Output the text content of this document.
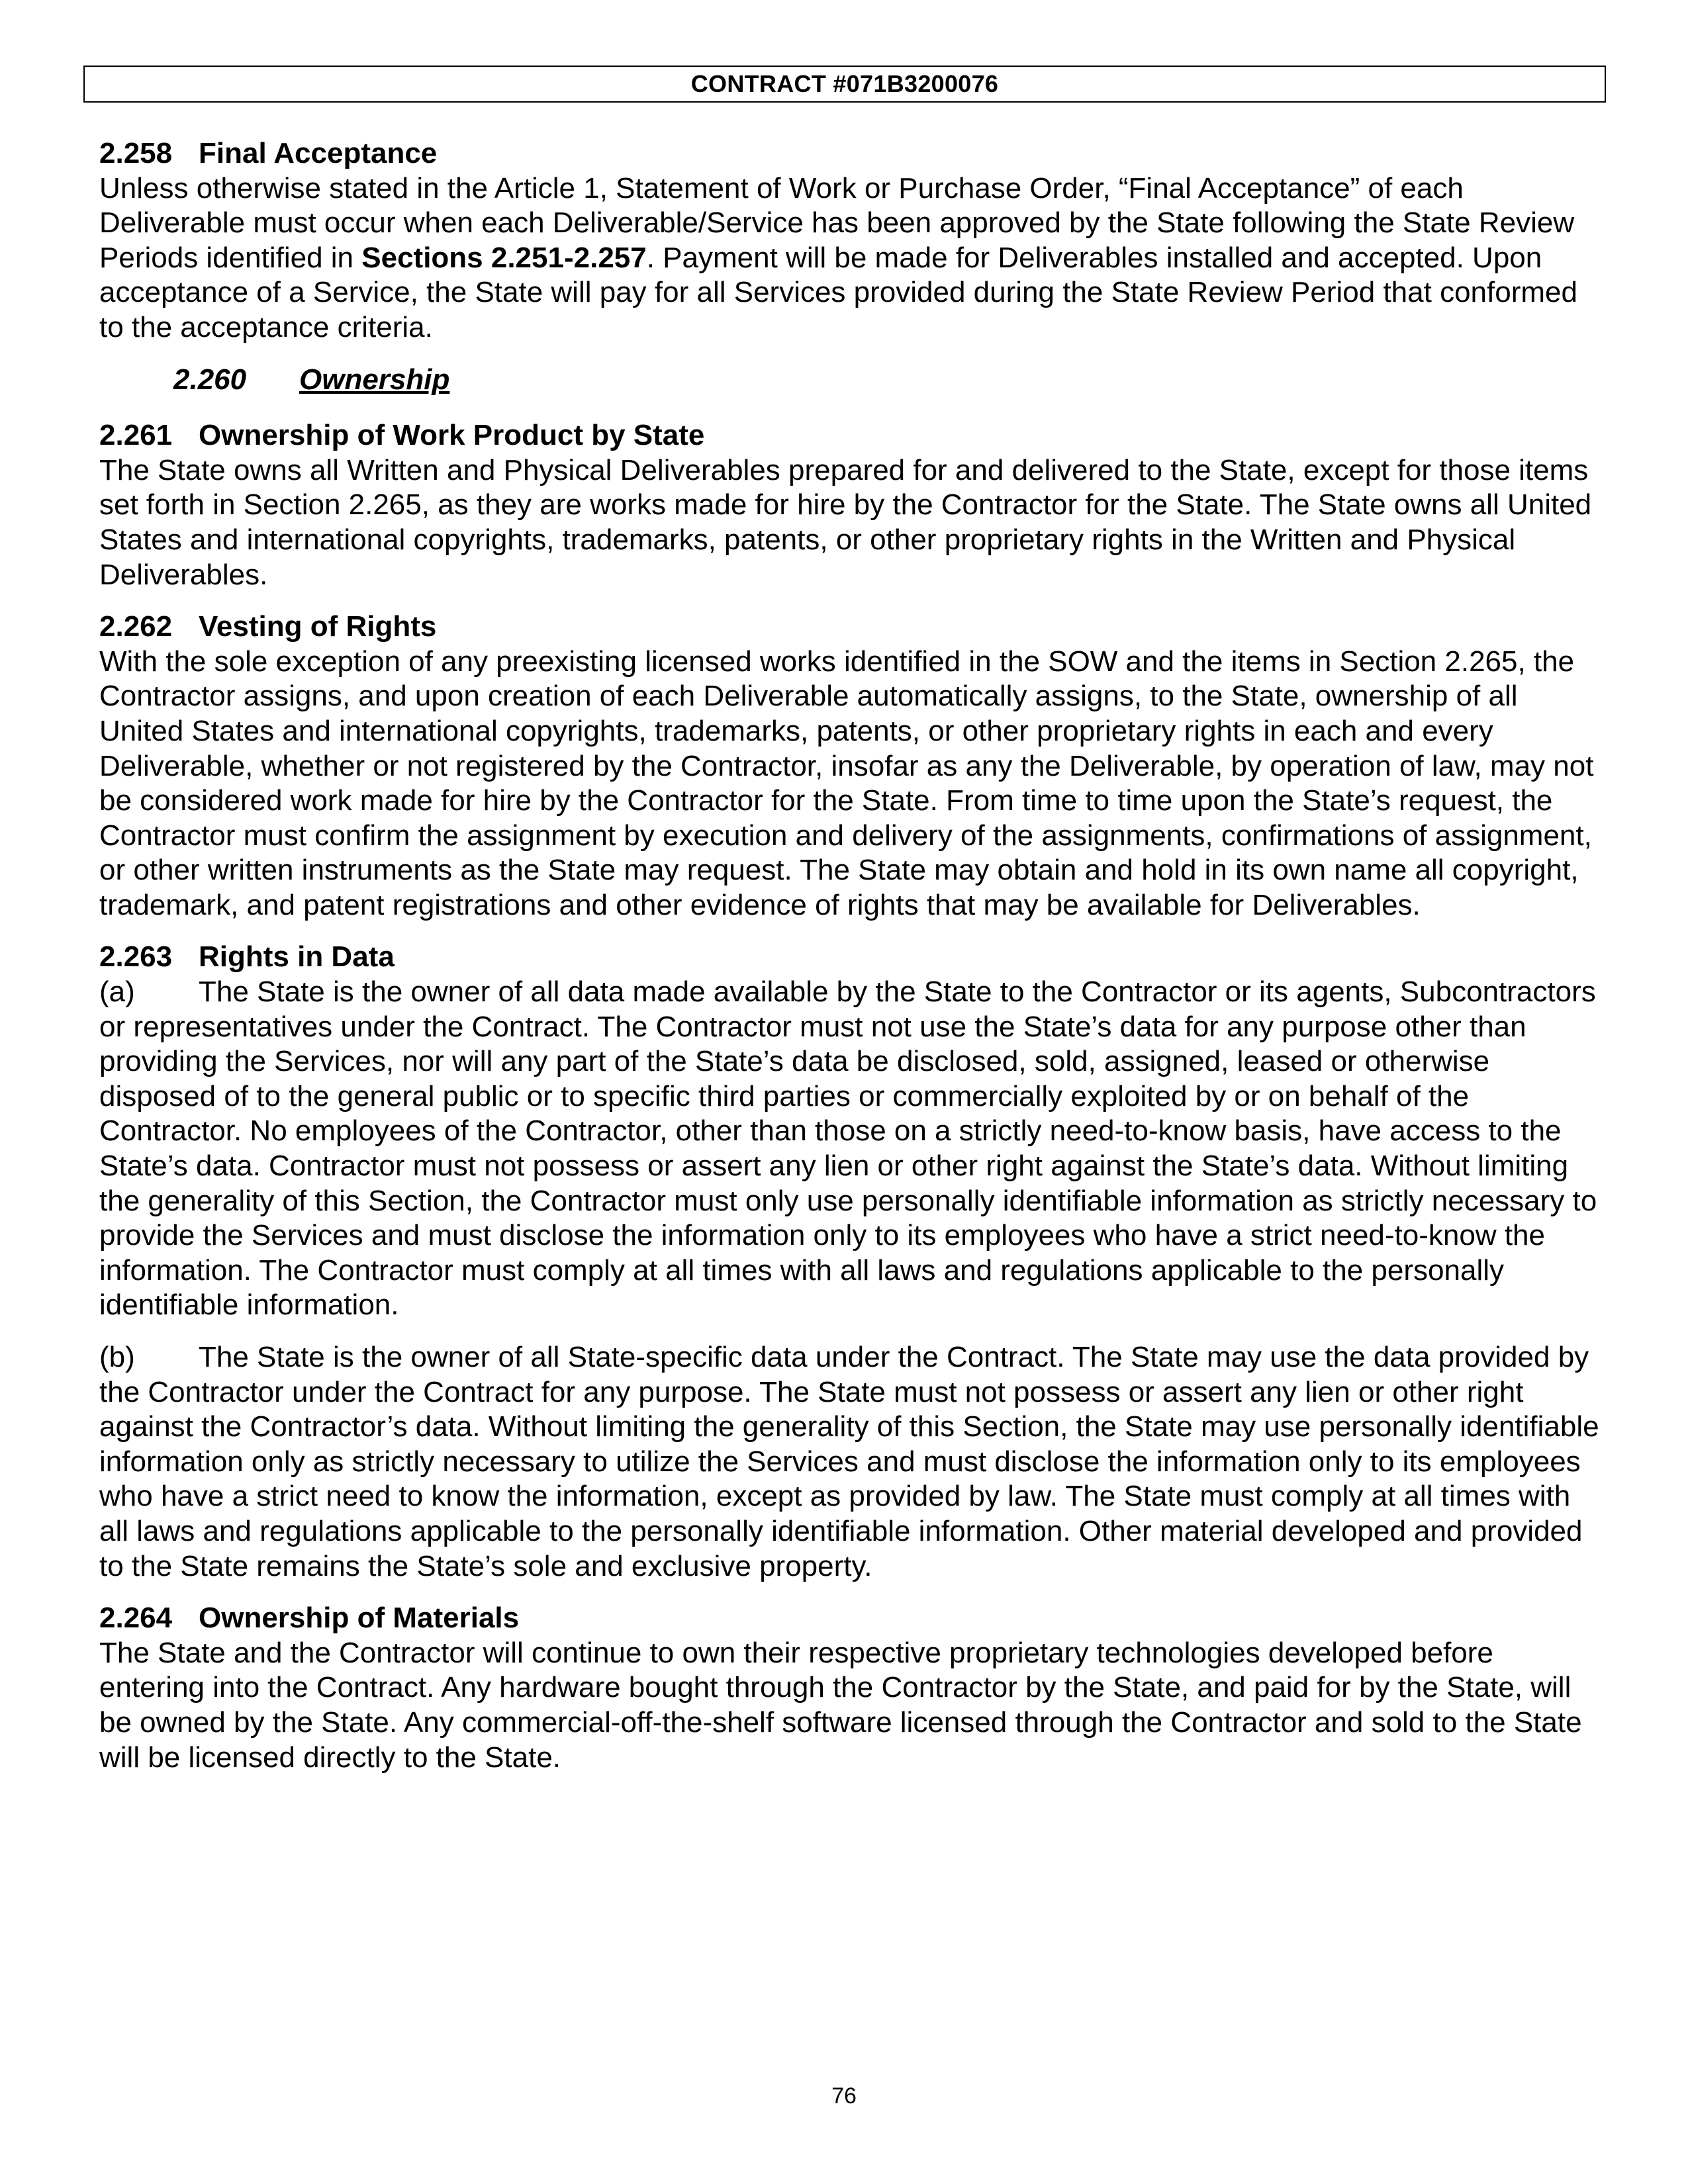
CONTRACT #071B3200076
2.258 Final Acceptance
Unless otherwise stated in the Article 1, Statement of Work or Purchase Order, “Final Acceptance” of each Deliverable must occur when each Deliverable/Service has been approved by the State following the State Review Periods identified in Sections 2.251-2.257. Payment will be made for Deliverables installed and accepted. Upon acceptance of a Service, the State will pay for all Services provided during the State Review Period that conformed to the acceptance criteria.
2.260 Ownership
2.261 Ownership of Work Product by State
The State owns all Written and Physical Deliverables prepared for and delivered to the State, except for those items set forth in Section 2.265, as they are works made for hire by the Contractor for the State. The State owns all United States and international copyrights, trademarks, patents, or other proprietary rights in the Written and Physical Deliverables.
2.262 Vesting of Rights
With the sole exception of any preexisting licensed works identified in the SOW and the items in Section 2.265, the Contractor assigns, and upon creation of each Deliverable automatically assigns, to the State, ownership of all United States and international copyrights, trademarks, patents, or other proprietary rights in each and every Deliverable, whether or not registered by the Contractor, insofar as any the Deliverable, by operation of law, may not be considered work made for hire by the Contractor for the State. From time to time upon the State’s request, the Contractor must confirm the assignment by execution and delivery of the assignments, confirmations of assignment, or other written instruments as the State may request. The State may obtain and hold in its own name all copyright, trademark, and patent registrations and other evidence of rights that may be available for Deliverables.
2.263 Rights in Data
(a) The State is the owner of all data made available by the State to the Contractor or its agents, Subcontractors or representatives under the Contract. The Contractor must not use the State’s data for any purpose other than providing the Services, nor will any part of the State’s data be disclosed, sold, assigned, leased or otherwise disposed of to the general public or to specific third parties or commercially exploited by or on behalf of the Contractor. No employees of the Contractor, other than those on a strictly need-to-know basis, have access to the State’s data. Contractor must not possess or assert any lien or other right against the State’s data. Without limiting the generality of this Section, the Contractor must only use personally identifiable information as strictly necessary to provide the Services and must disclose the information only to its employees who have a strict need-to-know the information. The Contractor must comply at all times with all laws and regulations applicable to the personally identifiable information.
(b) The State is the owner of all State-specific data under the Contract. The State may use the data provided by the Contractor under the Contract for any purpose. The State must not possess or assert any lien or other right against the Contractor’s data. Without limiting the generality of this Section, the State may use personally identifiable information only as strictly necessary to utilize the Services and must disclose the information only to its employees who have a strict need to know the information, except as provided by law. The State must comply at all times with all laws and regulations applicable to the personally identifiable information. Other material developed and provided to the State remains the State’s sole and exclusive property.
2.264 Ownership of Materials
The State and the Contractor will continue to own their respective proprietary technologies developed before entering into the Contract. Any hardware bought through the Contractor by the State, and paid for by the State, will be owned by the State. Any commercial-off-the-shelf software licensed through the Contractor and sold to the State will be licensed directly to the State.
76
